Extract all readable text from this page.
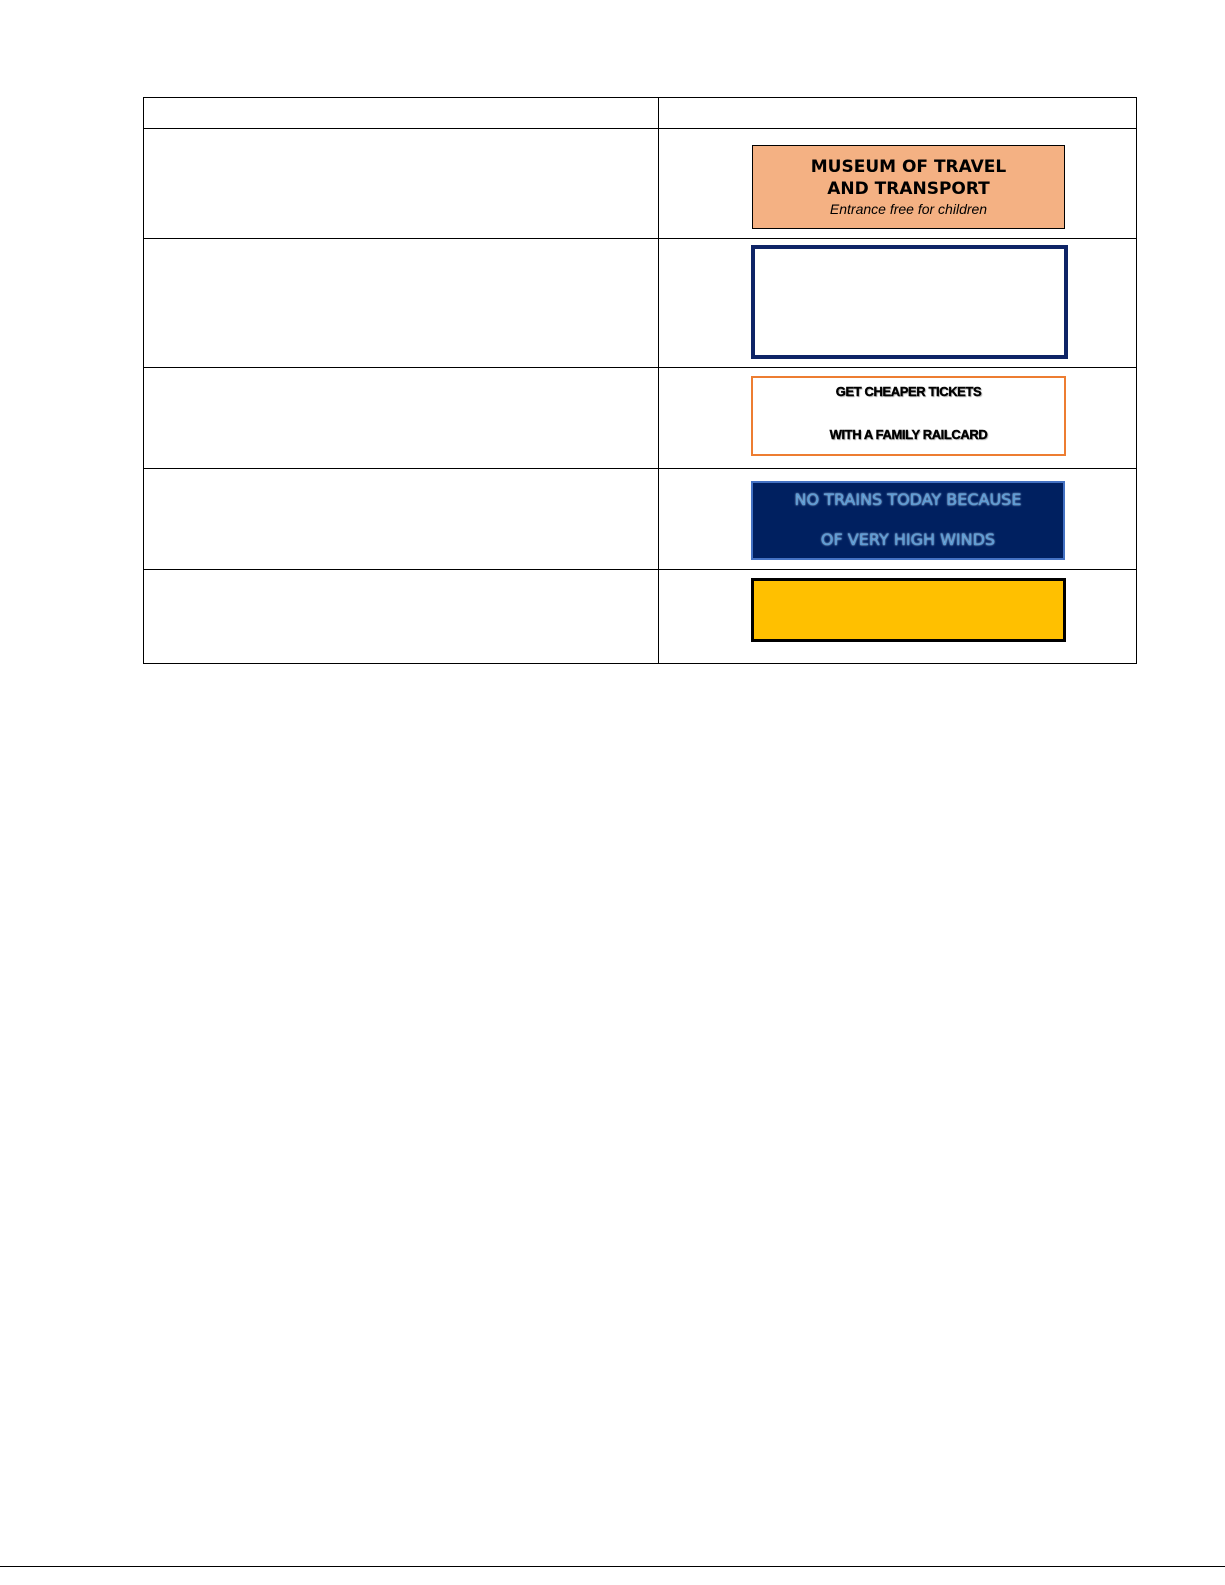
	MUSEUM OF TRAVEL AND TRANSPORT
Entrance free for children

	GET CHEAPER TICKETS
WITH A FAMILY RAILCARD

	NO TRAINS TODAY BECAUSE
OF VERY HIGH WINDS
